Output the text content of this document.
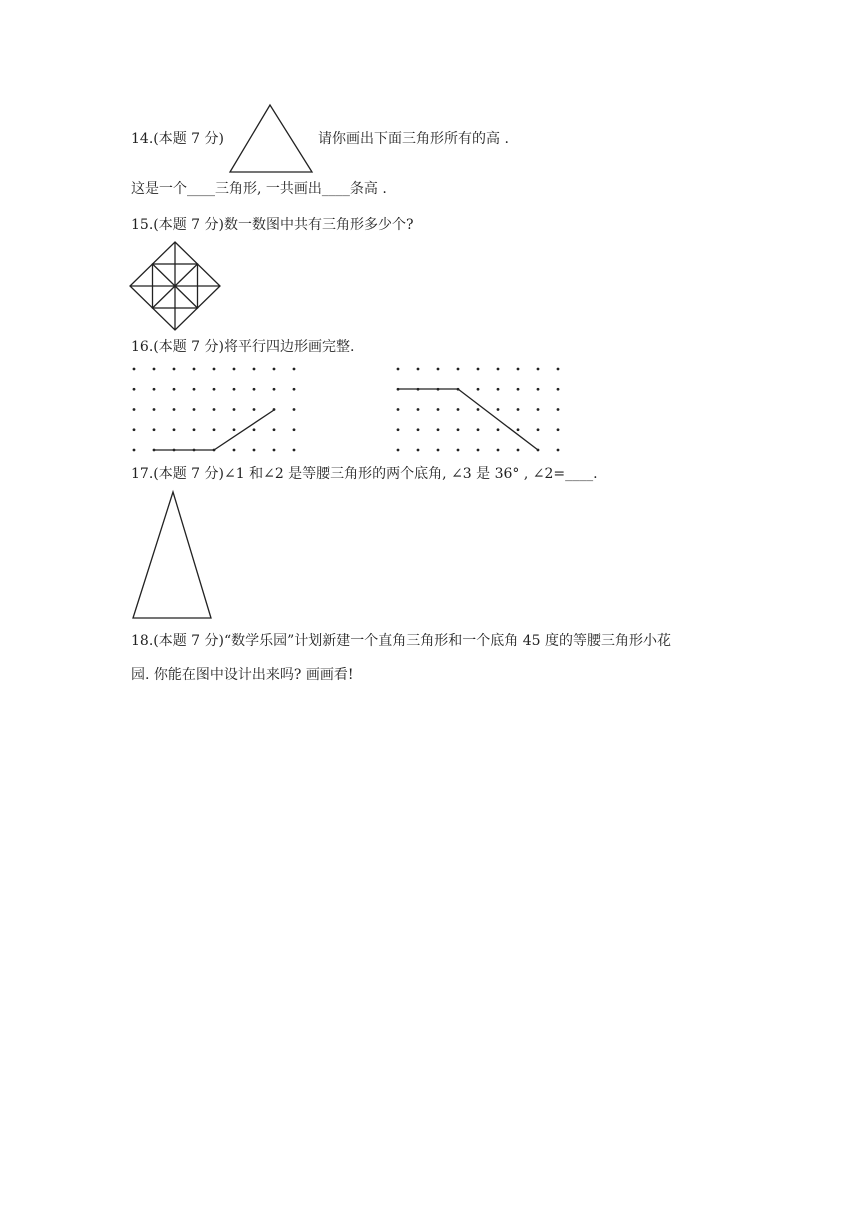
14.(本题 7 分)	请你画出下面三角形所有的高 .
这是一个____三角形, 一共画出____条高 .
15.(本题 7 分)数一数图中共有三角形多少个?
16.(本题 7 分)将平行四边形画完整.
17.(本题 7 分)∠1 和∠2 是等腰三角形的两个底角, ∠3 是 36° , ∠2=____.
18.(本题 7 分)“数学乐园”计划新建一个直角三角形和一个底角 45 度的等腰三角形小花
园. 你能在图中设计出来吗? 画画看!
